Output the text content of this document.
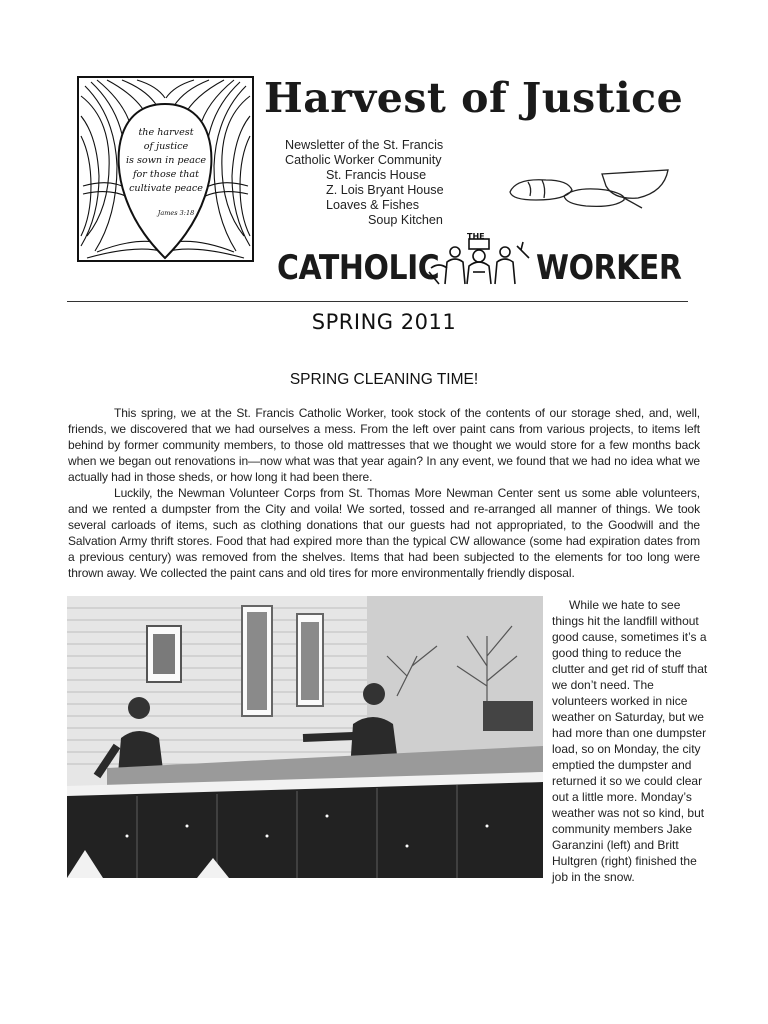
the harvest
of justice
is sown in peace
for those that
cultivate peace
James 3:18
Harvest of Justice
Newsletter of the St. Francis
Catholic Worker Community
St. Francis House
Z. Lois Bryant House
Loaves & Fishes
Soup Kitchen
CATHOLIC
THE
WORKER
SPRING 2011
SPRING CLEANING TIME!

This spring, we at the St. Francis Catholic Worker, took stock of the contents of our storage shed, and, well, friends, we discovered that we had ourselves a mess. From the left over paint cans from various projects, to items left behind by former community members, to those old mattresses that we thought we would store for a few months back when we began out renovations in—now what was that year again? In any event, we found that we had no idea what we actually had in those sheds, or how long it had been there.

Luckily, the Newman Volunteer Corps from St. Thomas More Newman Center sent us some able volunteers, and we rented a dumpster from the City and voila! We sorted, tossed and re-arranged all manner of things. We took several carloads of items, such as clothing donations that our guests had not appropriated, to the Goodwill and the Salvation Army thrift stores. Food that had expired more than the typical CW allowance (some had expiration dates from a previous century) was removed from the shelves. Items that had been subjected to the elements for too long were thrown away. We collected the paint cans and old tires for more environmentally friendly disposal.

While we hate to see things hit the landfill without good cause, sometimes it’s a good thing to reduce the clutter and get rid of stuff that we don’t need. The volunteers worked in nice weather on Saturday, but we had more than one dumpster load, so on Monday, the city emptied the dumpster and returned it so we could clear out a little more. Monday’s weather was not so kind, but community members Jake Garanzini (left) and Britt Hultgren (right) finished the job in the snow.
